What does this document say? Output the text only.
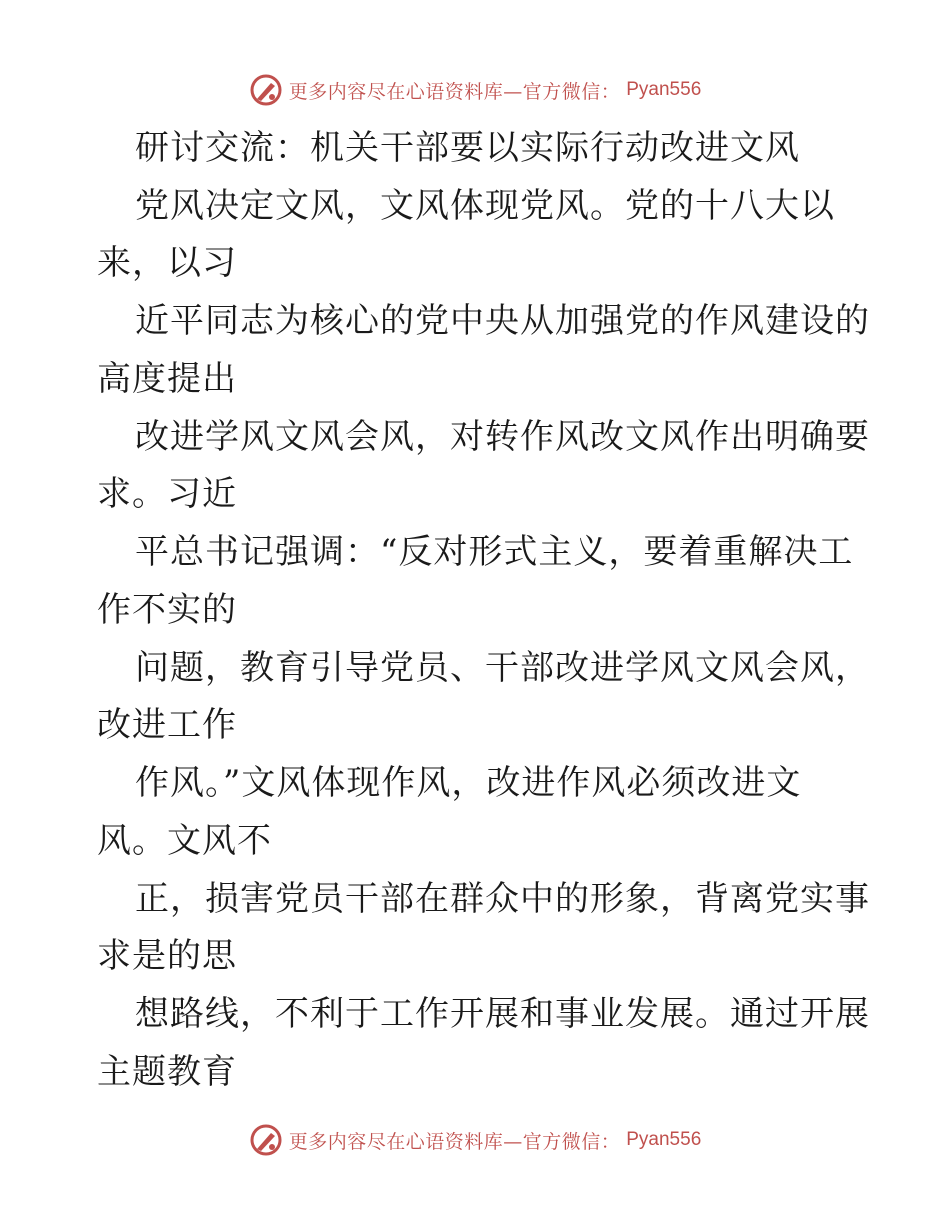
更多内容尽在心语资料库—官方微信： Pyan556
研讨交流：机关干部要以实际行动改进文风
党风决定文风，文风体现党风。党的十八大以
来，以习
近平同志为核心的党中央从加强党的作风建设的
高度提出
改进学风文风会风，对转作风改文风作出明确要
求。习近
平总书记强调：“反对形式主义，要着重解决工
作不实的
问题，教育引导党员、干部改进学风文风会风，
改进工作
作风。”文风体现作风，改进作风必须改进文
风。文风不
正，损害党员干部在群众中的形象，背离党实事
求是的思
想路线，不利于工作开展和事业发展。通过开展
主题教育
更多内容尽在心语资料库—官方微信： Pyan556
